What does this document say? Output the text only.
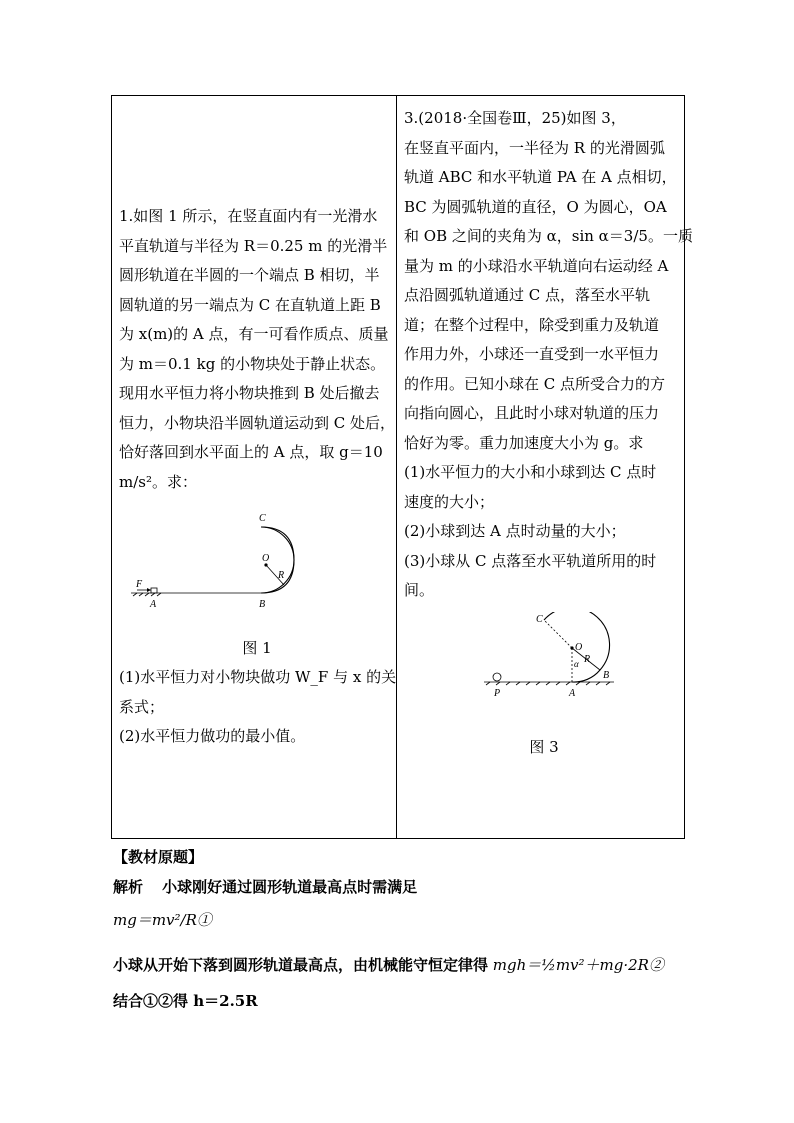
1.如图 1 所示，在竖直面内有一光滑水
平直轨道与半径为 R＝0.25 m 的光滑半
圆形轨道在半圆的一个端点 B 相切，半
圆轨道的另一端点为 C 在直轨道上距 B
为 x(m)的 A 点，有一可看作质点、质量
为 m＝0.1 kg 的小物块处于静止状态。
现用水平恒力将小物块推到 B 处后撤去
恒力，小物块沿半圆轨道运动到 C 处后，
恰好落回到水平面上的 A 点，取 g＝10
m/s²。求：
C
O
R
F
A	B
图 1
(1)水平恒力对小物块做功 W_F 与 x 的关
系式；
(2)水平恒力做功的最小值。
3.(2018·全国卷Ⅲ，25)如图 3，
在竖直平面内，一半径为 R 的光滑圆弧
轨道 ABC 和水平轨道 PA 在 A 点相切，
BC 为圆弧轨道的直径，O 为圆心，OA
和 OB 之间的夹角为 α，sin α＝3/5。一质
量为 m 的小球沿水平轨道向右运动经 A
点沿圆弧轨道通过 C 点，落至水平轨
道；在整个过程中，除受到重力及轨道
作用力外，小球还一直受到一水平恒力
的作用。已知小球在 C 点所受合力的方
向指向圆心，且此时小球对轨道的压力
恰好为零。重力加速度大小为 g。求
(1)水平恒力的大小和小球到达 C 点时
速度的大小；
(2)小球到达 A 点时动量的大小；
(3)小球从 C 点落至水平轨道所用的时
间。
C
O
α R
B
P	A
图 3
【教材原题】
解析 小球刚好通过圆形轨道最高点时需满足
mg＝mv²/R①
小球从开始下落到圆形轨道最高点，由机械能守恒定律得 mgh＝½mv²＋mg·2R②
结合①②得 h＝2.5R
